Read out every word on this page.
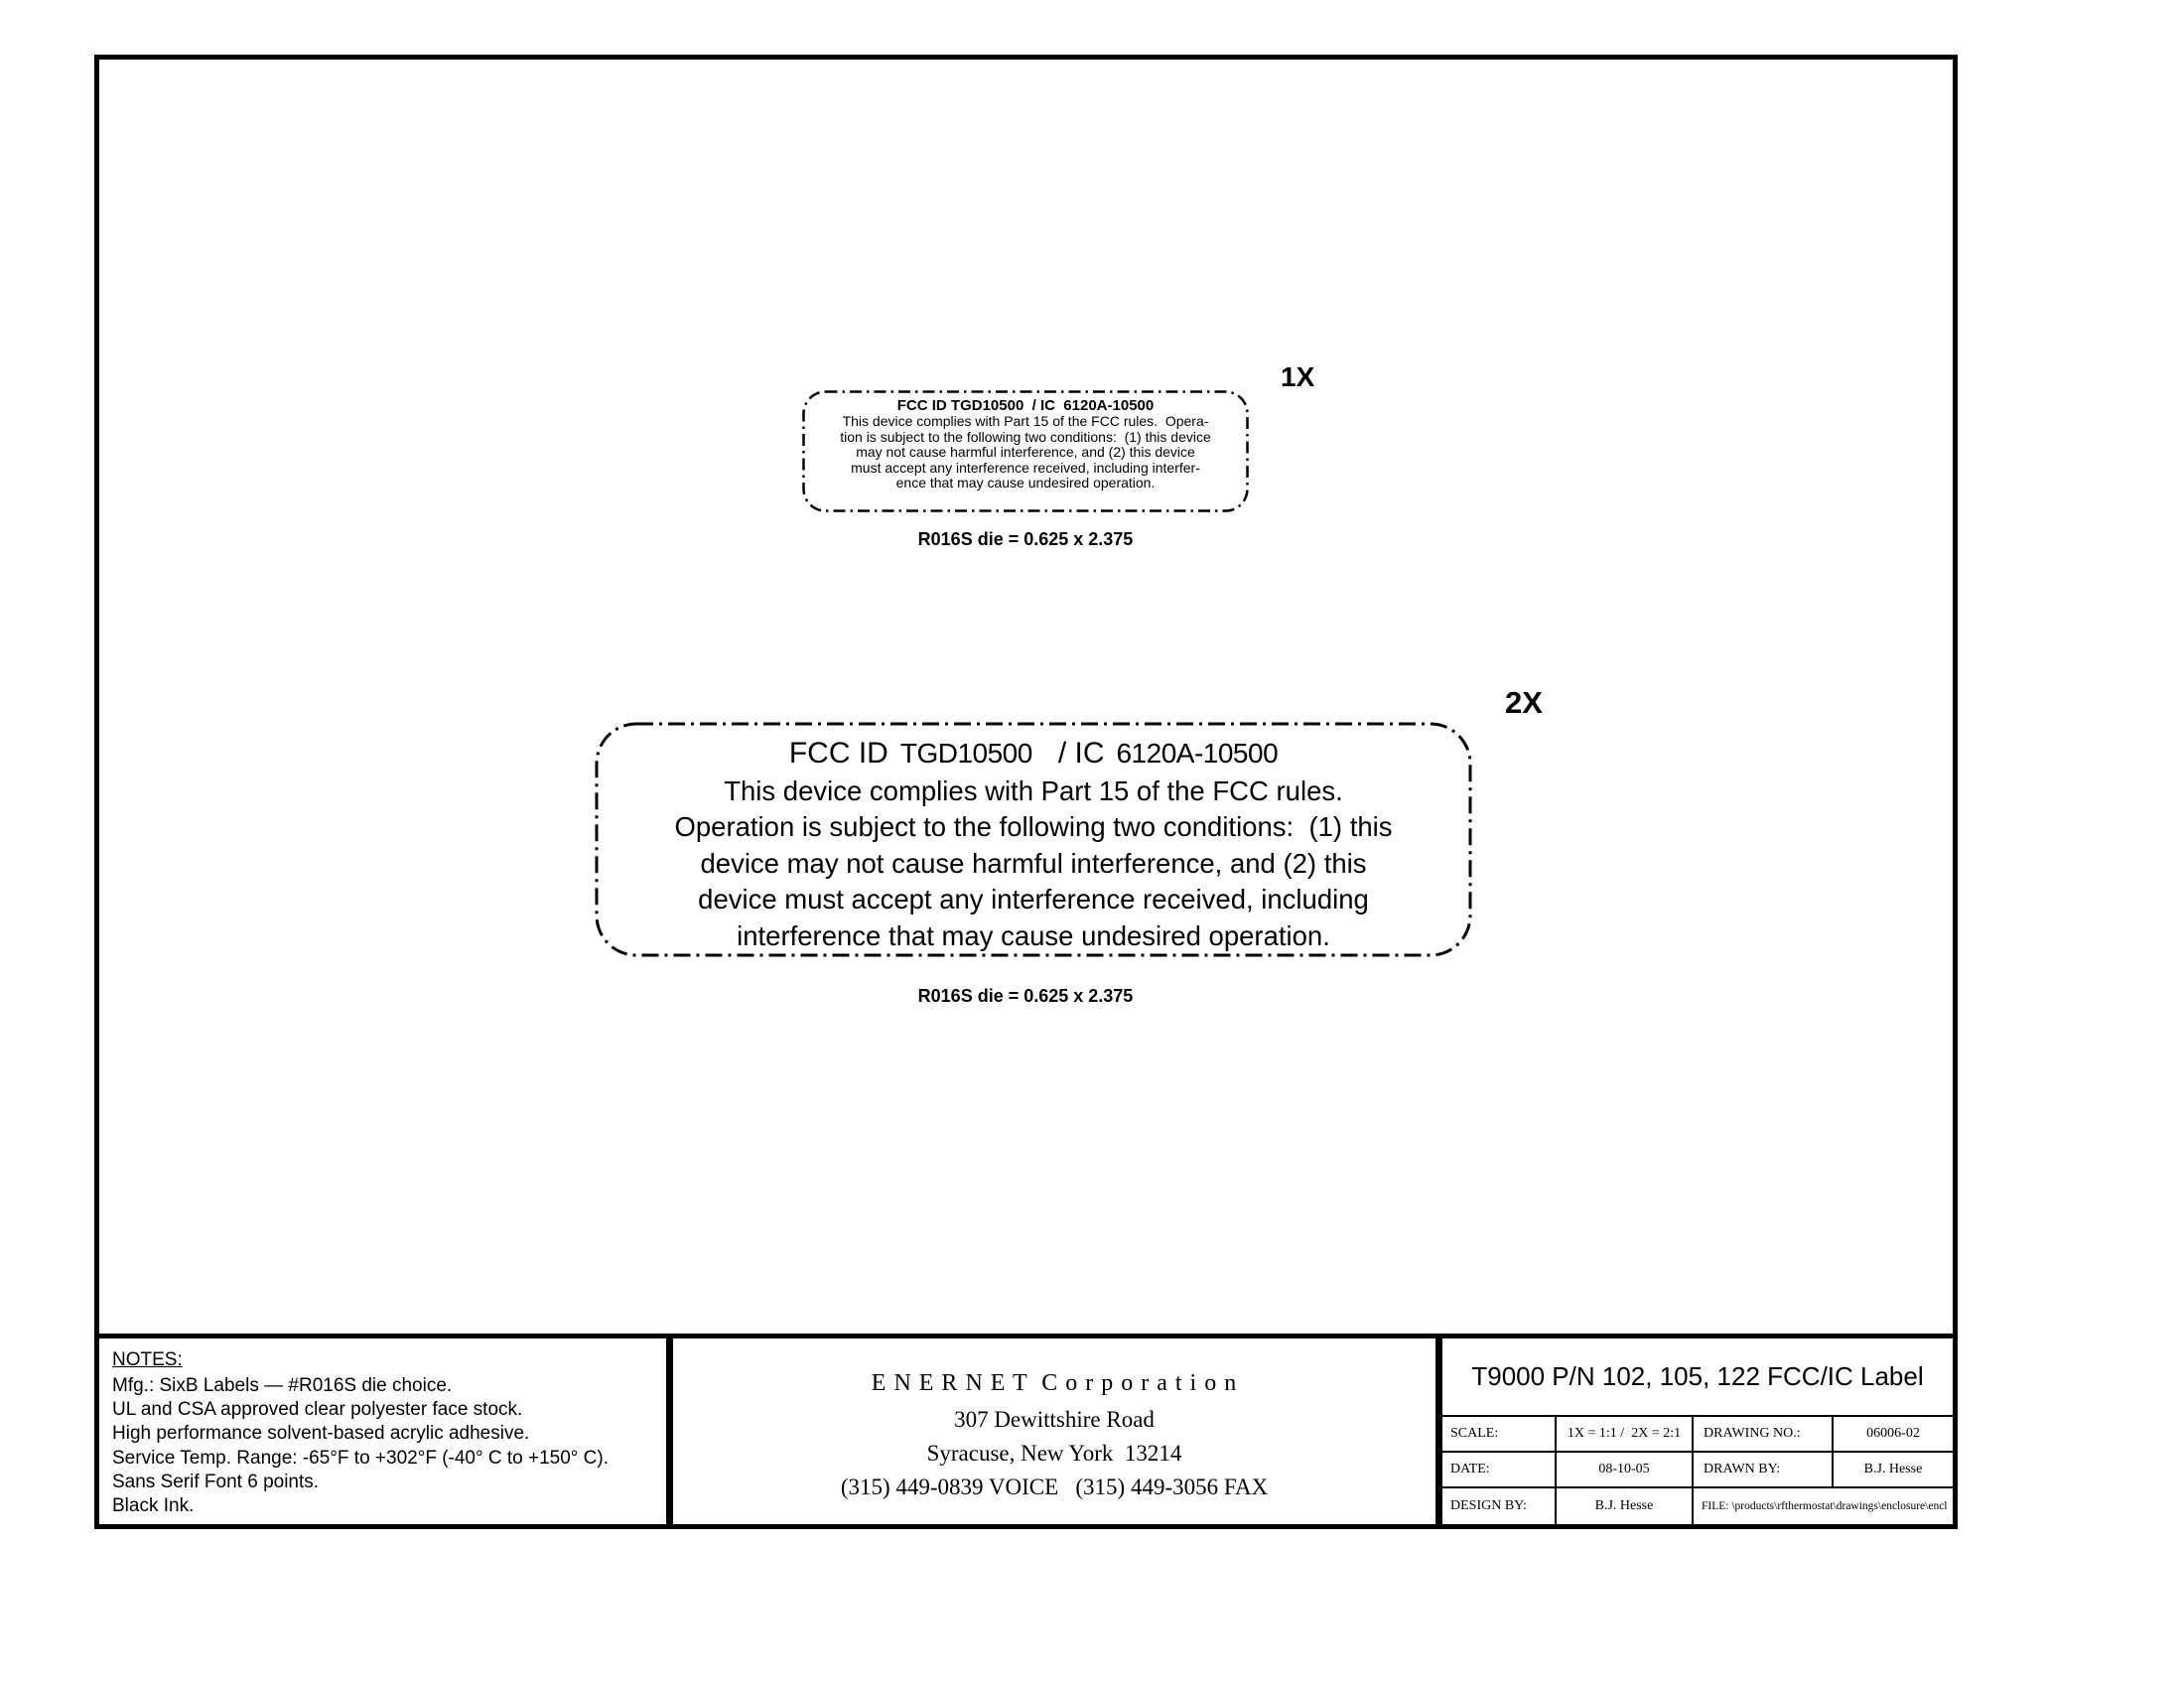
1X
FCC ID TGD10500  / IC  6120A-10500
This device complies with Part 15 of the FCC rules.  Opera-
tion is subject to the following two conditions:  (1) this device
may not cause harmful interference, and (2) this device
must accept any interference received, including interfer-
ence that may cause undesired operation.
R016S die = 0.625 x 2.375
2X
FCC ID TGD10500 / IC 6120A-10500
This device complies with Part 15 of the FCC rules.
Operation is subject to the following two conditions:  (1) this
device may not cause harmful interference, and (2) this
device must accept any interference received, including
interference that may cause undesired operation.
R016S die = 0.625 x 2.375
NOTES:
Mfg.: SixB Labels — #R016S die choice.
UL and CSA approved clear polyester face stock.
High performance solvent-based acrylic adhesive.
Service Temp. Range: -65°F to +302°F (-40° C to +150° C).
Sans Serif Font 6 points.
Black Ink.
E N E R N E T  C o r p o r a t i o n
307 Dewittshire Road
Syracuse, New York  13214
(315) 449-0839 VOICE   (315) 449-3056 FAX
T9000 P/N 102, 105, 122 FCC/IC Label
SCALE:	1X = 1:1 /  2X = 2:1	DRAWING NO.:	06006-02
DATE:	08-10-05	DRAWN BY:	B.J. Hesse
DESIGN BY:	B.J. Hesse	FILE: \products\rfthermostat\drawings\enclosure\encl
